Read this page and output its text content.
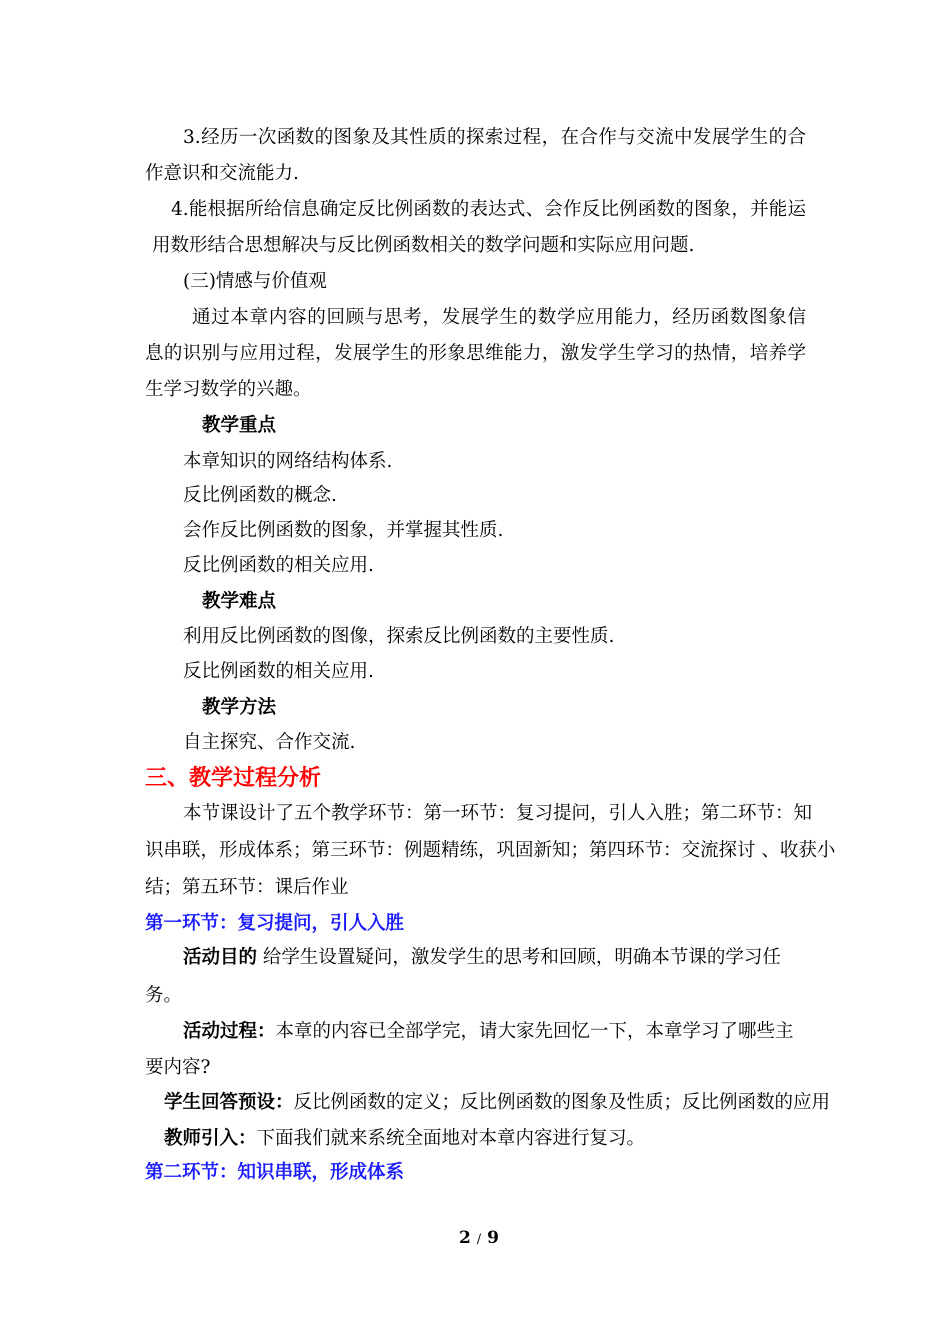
3.经历一次函数的图象及其性质的探索过程，在合作与交流中发展学生的合
作意识和交流能力.
4.能根据所给信息确定反比例函数的表达式、会作反比例函数的图象，并能运
用数形结合思想解决与反比例函数相关的数学问题和实际应用问题.
(三)情感与价值观
通过本章内容的回顾与思考，发展学生的数学应用能力，经历函数图象信
息的识别与应用过程，发展学生的形象思维能力，激发学生学习的热情，培养学
生学习数学的兴趣。
教学重点
本章知识的网络结构体系.
反比例函数的概念.
会作反比例函数的图象，并掌握其性质.
反比例函数的相关应用.
教学难点
利用反比例函数的图像，探索反比例函数的主要性质.
反比例函数的相关应用.
教学方法
自主探究、合作交流.
三、教学过程分析
本节课设计了五个教学环节：第一环节：复习提问，引人入胜；第二环节：知
识串联，形成体系；第三环节：例题精练，巩固新知；第四环节：交流探讨 、收获小
结；第五环节：课后作业
第一环节：复习提问，引人入胜
活动目的 给学生设置疑问，激发学生的思考和回顾，明确本节课的学习任
务。
活动过程：本章的内容已全部学完，请大家先回忆一下，本章学习了哪些主
要内容?
学生回答预设：反比例函数的定义；反比例函数的图象及性质；反比例函数的应用
教师引入：下面我们就来系统全面地对本章内容进行复习。
第二环节：知识串联，形成体系
2 / 9
